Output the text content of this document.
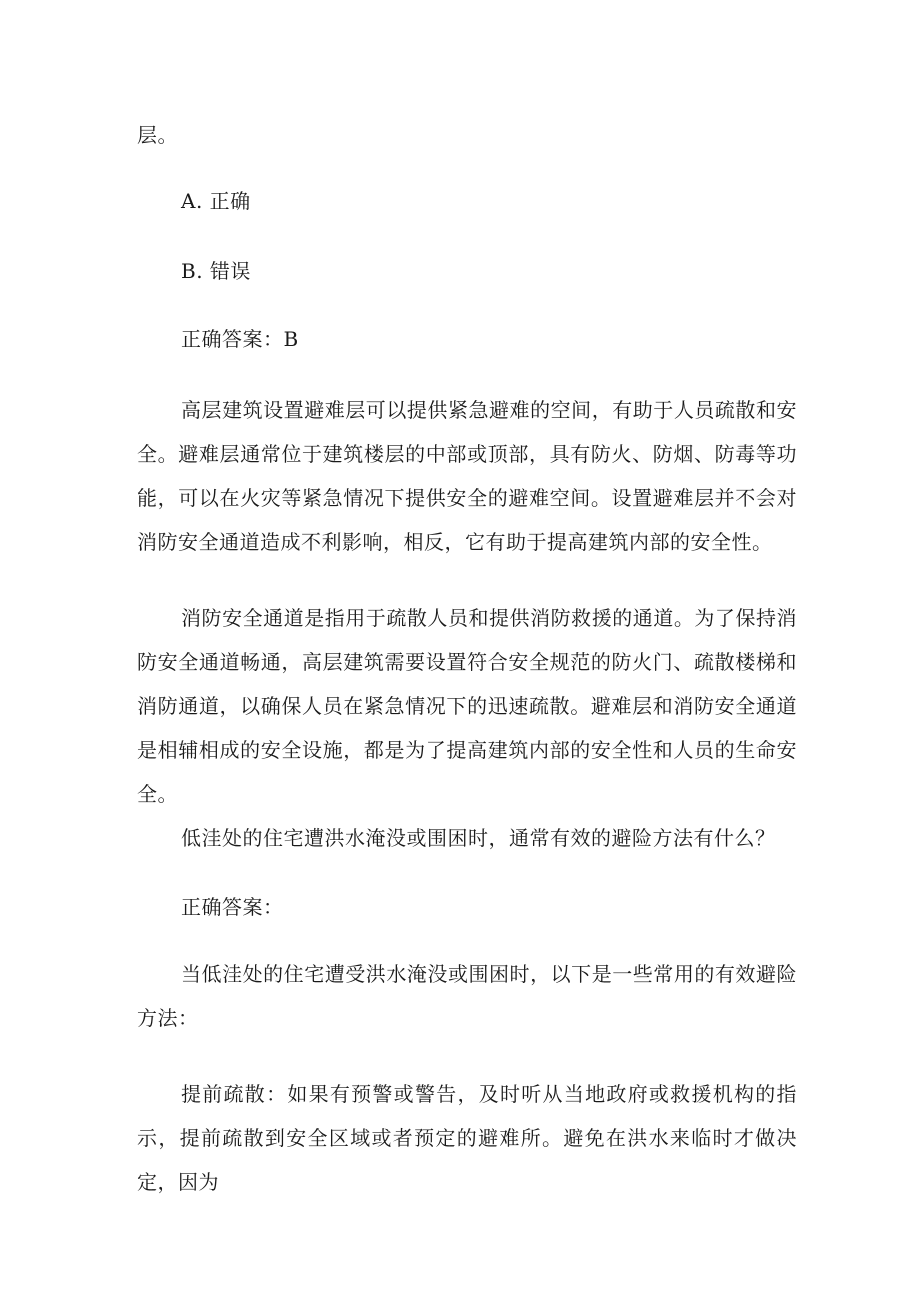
层。
A. 正确
B. 错误
正确答案：B
高层建筑设置避难层可以提供紧急避难的空间，有助于人员疏散和安全。避难层通常位于建筑楼层的中部或顶部，具有防火、防烟、防毒等功能，可以在火灾等紧急情况下提供安全的避难空间。设置避难层并不会对消防安全通道造成不利影响，相反，它有助于提高建筑内部的安全性。
消防安全通道是指用于疏散人员和提供消防救援的通道。为了保持消防安全通道畅通，高层建筑需要设置符合安全规范的防火门、疏散楼梯和消防通道，以确保人员在紧急情况下的迅速疏散。避难层和消防安全通道是相辅相成的安全设施，都是为了提高建筑内部的安全性和人员的生命安全。
低洼处的住宅遭洪水淹没或围困时，通常有效的避险方法有什么？
正确答案：
当低洼处的住宅遭受洪水淹没或围困时，以下是一些常用的有效避险方法：
提前疏散：如果有预警或警告，及时听从当地政府或救援机构的指示，提前疏散到安全区域或者预定的避难所。避免在洪水来临时才做决定，因为
